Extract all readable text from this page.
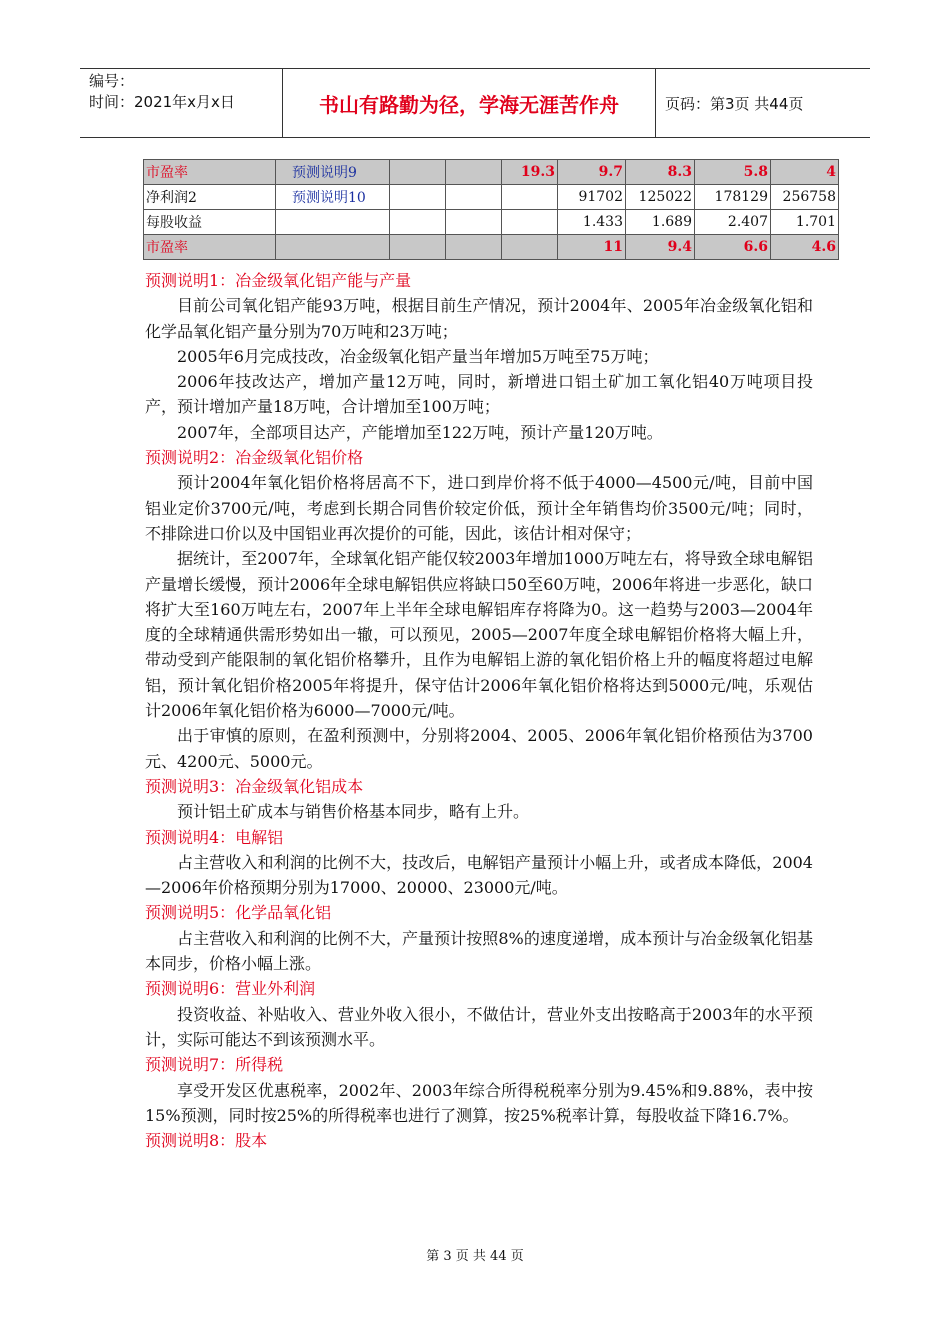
编号：
时间：2021年x月x日	书山有路勤为径，学海无涯苦作舟	页码：第3页 共44页
市盈率	预测说明9			19.3	9.7	8.3	5.8	4
净利润2	预测说明10				91702	125022	178129	256758
每股收益					1.433	1.689	2.407	1.701
市盈率					11	9.4	6.6	4.6
预测说明1：冶金级氧化铝产能与产量
目前公司氧化铝产能93万吨，根据目前生产情况，预计2004年、2005年冶金级氧化铝和化学品氧化铝产量分别为70万吨和23万吨；
2005年6月完成技改，冶金级氧化铝产量当年增加5万吨至75万吨；
2006年技改达产，增加产量12万吨，同时，新增进口铝土矿加工氧化铝40万吨项目投产，预计增加产量18万吨，合计增加至100万吨；
2007年，全部项目达产，产能增加至122万吨，预计产量120万吨。
预测说明2：冶金级氧化铝价格
预计2004年氧化铝价格将居高不下，进口到岸价将不低于4000—4500元/吨，目前中国铝业定价3700元/吨，考虑到长期合同售价较定价低，预计全年销售均价3500元/吨；同时，不排除进口价以及中国铝业再次提价的可能，因此，该估计相对保守；
据统计，至2007年，全球氧化铝产能仅较2003年增加1000万吨左右，将导致全球电解铝产量增长缓慢，预计2006年全球电解铝供应将缺口50至60万吨，2006年将进一步恶化，缺口将扩大至160万吨左右，2007年上半年全球电解铝库存将降为0。这一趋势与2003—2004年度的全球精通供需形势如出一辙，可以预见，2005—2007年度全球电解铝价格将大幅上升，带动受到产能限制的氧化铝价格攀升，且作为电解铝上游的氧化铝价格上升的幅度将超过电解铝，预计氧化铝价格2005年将提升，保守估计2006年氧化铝价格将达到5000元/吨，乐观估计2006年氧化铝价格为6000—7000元/吨。
出于审慎的原则，在盈利预测中，分别将2004、2005、2006年氧化铝价格预估为3700元、4200元、5000元。
预测说明3：冶金级氧化铝成本
预计铝土矿成本与销售价格基本同步，略有上升。
预测说明4：电解铝
占主营收入和利润的比例不大，技改后，电解铝产量预计小幅上升，或者成本降低，2004—2006年价格预期分别为17000、20000、23000元/吨。
预测说明5：化学品氧化铝
占主营收入和利润的比例不大，产量预计按照8%的速度递增，成本预计与冶金级氧化铝基本同步，价格小幅上涨。
预测说明6：营业外利润
投资收益、补贴收入、营业外收入很小，不做估计，营业外支出按略高于2003年的水平预计，实际可能达不到该预测水平。
预测说明7：所得税
享受开发区优惠税率，2002年、2003年综合所得税税率分别为9.45%和9.88%，表中按15%预测，同时按25%的所得税率也进行了测算，按25%税率计算，每股收益下降16.7%。
预测说明8：股本
第 3 页 共 44 页
